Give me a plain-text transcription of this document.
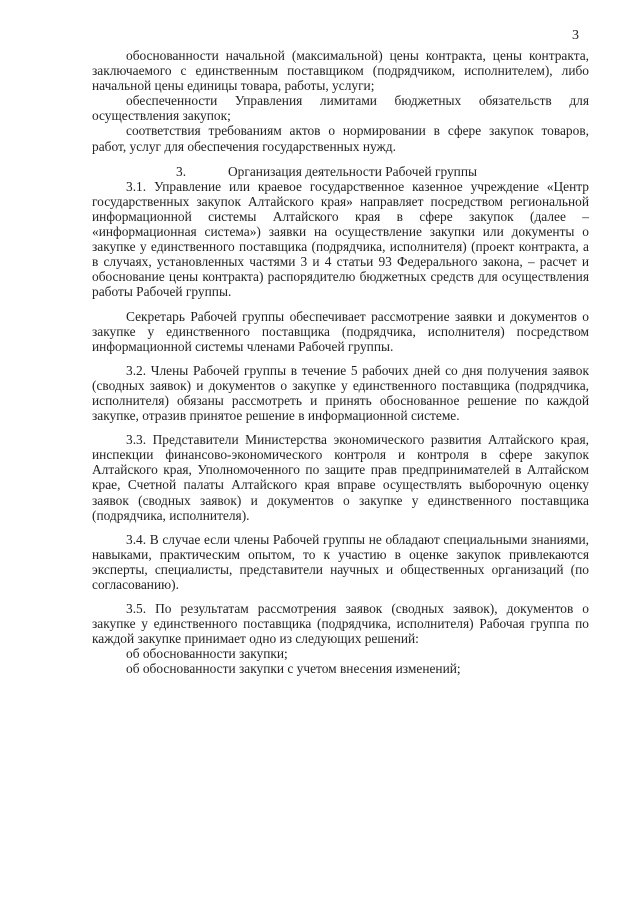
3

обоснованности начальной (максимальной) цены контракта, цены контракта, заключаемого с единственным поставщиком (подрядчиком, исполнителем), либо начальной цены единицы товара, работы, услуги;

обеспеченности Управления лимитами бюджетных обязательств для осуществления закупок;

соответствия требованиям актов о нормировании в сфере закупок товаров, работ, услуг для обеспечения государственных нужд.

3.	Организация деятельности Рабочей группы

3.1. Управление или краевое государственное казенное учреждение «Центр государственных закупок Алтайского края» направляет посредством региональной информационной системы Алтайского края в сфере закупок (далее – «информационная система») заявки на осуществление закупки или документы о закупке у единственного поставщика (подрядчика, исполнителя) (проект контракта, а в случаях, установленных частями 3 и 4 статьи 93 Федерального закона, – расчет и обоснование цены контракта) распорядителю бюджетных средств для осуществления работы Рабочей группы.

Секретарь Рабочей группы обеспечивает рассмотрение заявки и документов о закупке у единственного поставщика (подрядчика, исполнителя) посредством информационной системы членами Рабочей группы.

3.2. Члены Рабочей группы в течение 5 рабочих дней со дня получения заявок (сводных заявок) и документов о закупке у единственного поставщика (подрядчика, исполнителя) обязаны рассмотреть и принять обоснованное решение по каждой закупке, отразив принятое решение в информационной системе.

3.3. Представители Министерства экономического развития Алтайского края, инспекции финансово-экономического контроля и контроля в сфере закупок Алтайского края, Уполномоченного по защите прав предпринимателей в Алтайском крае, Счетной палаты Алтайского края вправе осуществлять выборочную оценку заявок (сводных заявок) и документов о закупке у единственного поставщика (подрядчика, исполнителя).

3.4. В случае если члены Рабочей группы не обладают специальными знаниями, навыками, практическим опытом, то к участию в оценке закупок привлекаются эксперты, специалисты, представители научных и общественных организаций (по согласованию).

3.5. По результатам рассмотрения заявок (сводных заявок), документов о закупке у единственного поставщика (подрядчика, исполнителя) Рабочая группа по каждой закупке принимает одно из следующих решений:

об обоснованности закупки;

об обоснованности закупки с учетом внесения изменений;
